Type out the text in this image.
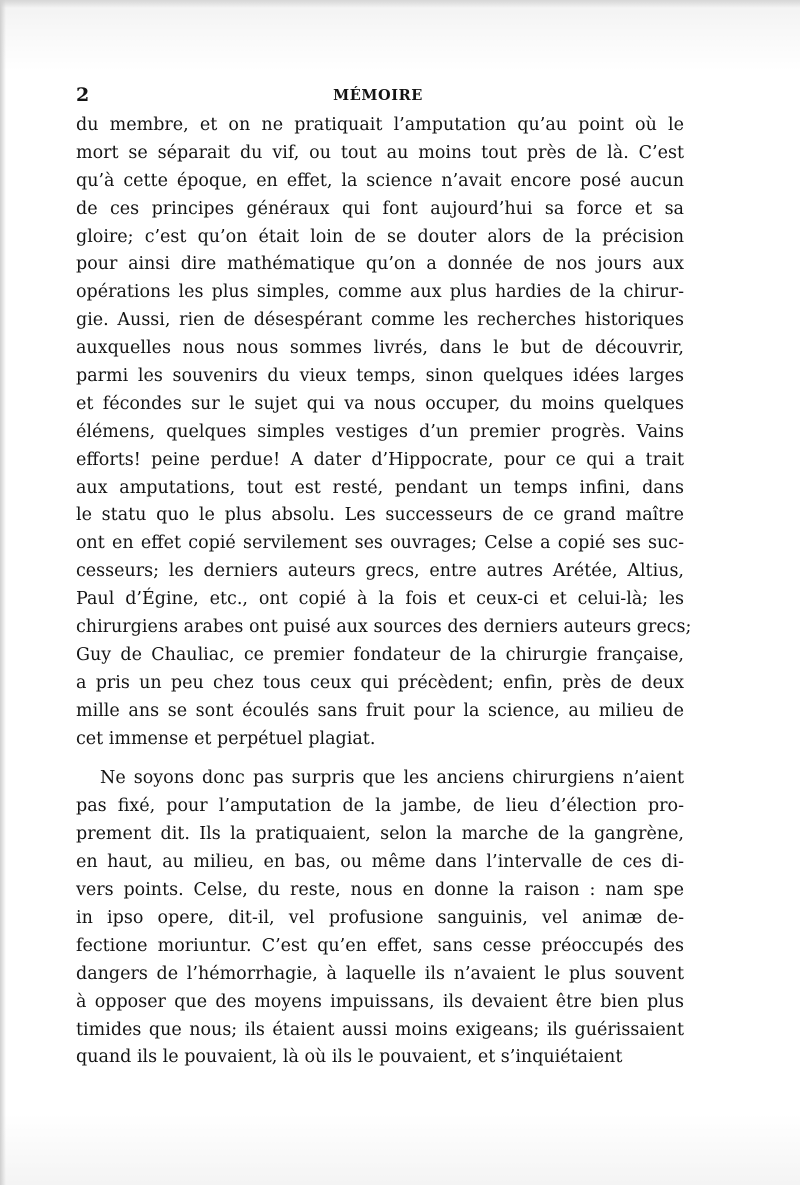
2	MÉMOIRE
du membre, et on ne pratiquait l’amputation qu’au point où le
mort se séparait du vif, ou tout au moins tout près de là. C’est
qu’à cette époque, en effet, la science n’avait encore posé aucun
de ces principes généraux qui font aujourd’hui sa force et sa
gloire; c’est qu’on était loin de se douter alors de la précision
pour ainsi dire mathématique qu’on a donnée de nos jours aux
opérations les plus simples, comme aux plus hardies de la chirur-
gie. Aussi, rien de désespérant comme les recherches historiques
auxquelles nous nous sommes livrés, dans le but de découvrir,
parmi les souvenirs du vieux temps, sinon quelques idées larges
et fécondes sur le sujet qui va nous occuper, du moins quelques
élémens, quelques simples vestiges d’un premier progrès. Vains
efforts! peine perdue! A dater d’Hippocrate, pour ce qui a trait
aux amputations, tout est resté, pendant un temps infini, dans
le statu quo le plus absolu. Les successeurs de ce grand maître
ont en effet copié servilement ses ouvrages; Celse a copié ses suc-
cesseurs; les derniers auteurs grecs, entre autres Arétée, Altius,
Paul d’Égine, etc., ont copié à la fois et ceux-ci et celui-là; les
chirurgiens arabes ont puisé aux sources des derniers auteurs grecs;
Guy de Chauliac, ce premier fondateur de la chirurgie française,
a pris un peu chez tous ceux qui précèdent; enfin, près de deux
mille ans se sont écoulés sans fruit pour la science, au milieu de
cet immense et perpétuel plagiat.
Ne soyons donc pas surpris que les anciens chirurgiens n’aient
pas fixé, pour l’amputation de la jambe, de lieu d’élection pro-
prement dit. Ils la pratiquaient, selon la marche de la gangrène,
en haut, au milieu, en bas, ou même dans l’intervalle de ces di-
vers points. Celse, du reste, nous en donne la raison : nam spe
in ipso opere, dit-il, vel profusione sanguinis, vel animæ de-
fectione moriuntur. C’est qu’en effet, sans cesse préoccupés des
dangers de l’hémorrhagie, à laquelle ils n’avaient le plus souvent
à opposer que des moyens impuissans, ils devaient être bien plus
timides que nous; ils étaient aussi moins exigeans; ils guérissaient
quand ils le pouvaient, là où ils le pouvaient, et s’inquiétaient
